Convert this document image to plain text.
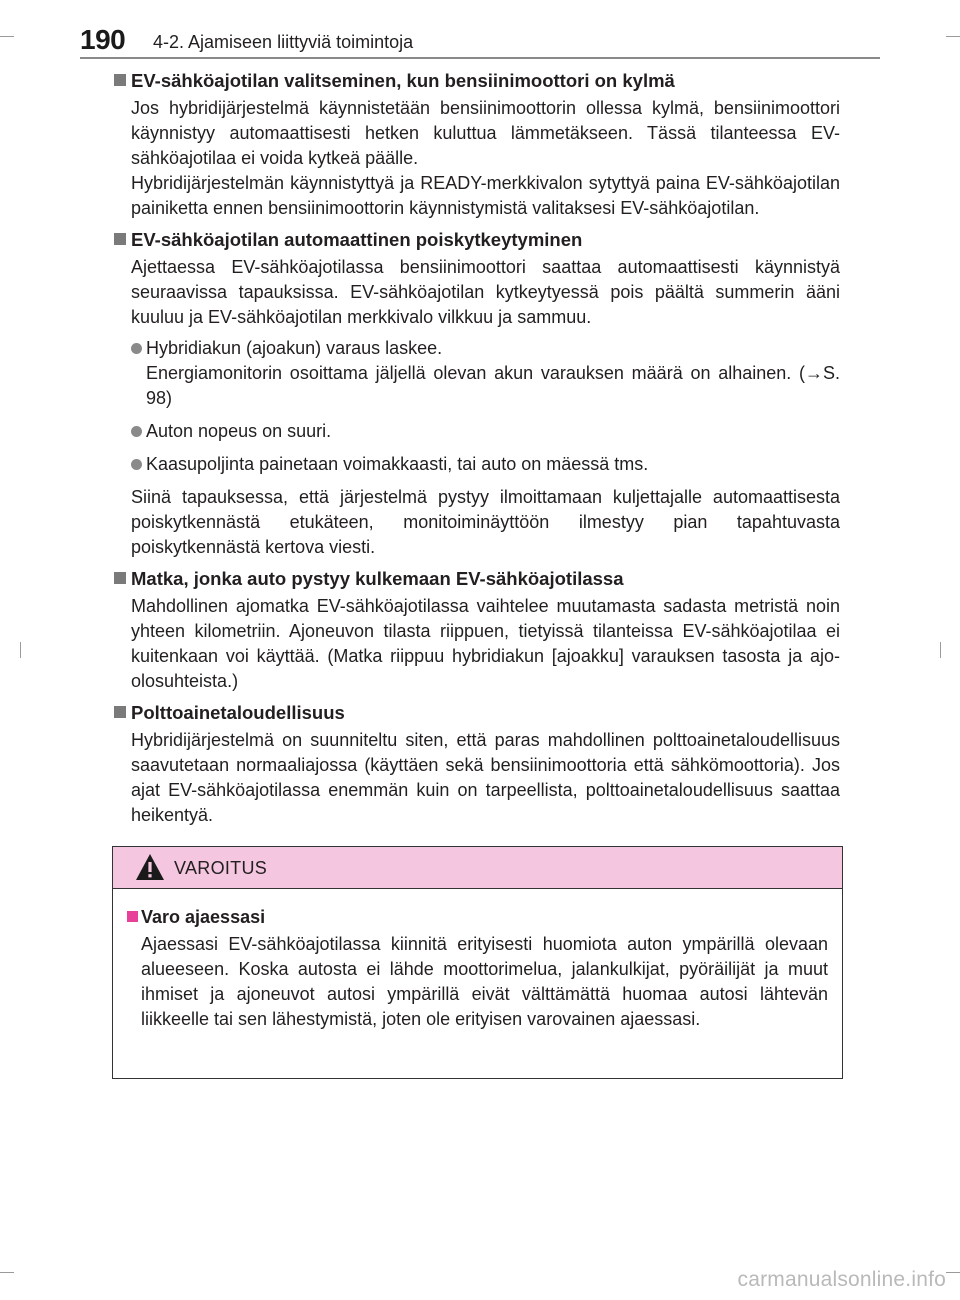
190 4-2. Ajamiseen liittyviä toimintoja
EV-sähköajotilan valitseminen, kun bensiinimoottori on kylmä

Jos hybridijärjestelmä käynnistetään bensiinimoottorin ollessa kylmä, bensiinimoottori käynnistyy automaattisesti hetken kuluttua lämmetäkseen. Tässä tilanteessa EV-sähköajotilaa ei voida kytkeä päälle.

Hybridijärjestelmän käynnistyttyä ja READY-merkkivalon sytyttyä paina EV-sähköajotilan painiketta ennen bensiinimoottorin käynnistymistä valitaksesi EV-sähköajotilan.

EV-sähköajotilan automaattinen poiskytkeytyminen

Ajettaessa EV-sähköajotilassa bensiinimoottori saattaa automaattisesti käynnistyä seuraavissa tapauksissa. EV-sähköajotilan kytkeytyessä pois päältä summerin ääni kuuluu ja EV-sähköajotilan merkkivalo vilkkuu ja sammuu.

Hybridiakun (ajoakun) varaus laskee.
Energiamonitorin osoittama jäljellä olevan akun varauksen määrä on alhainen. (→S. 98)
Auton nopeus on suuri.
Kaasupoljinta painetaan voimakkaasti, tai auto on mäessä tms.

Siinä tapauksessa, että järjestelmä pystyy ilmoittamaan kuljettajalle automaattisesta poiskytkennästä etukäteen, monitoiminäyttöön ilmestyy pian tapahtuvasta poiskytkennästä kertova viesti.

Matka, jonka auto pystyy kulkemaan EV-sähköajotilassa

Mahdollinen ajomatka EV-sähköajotilassa vaihtelee muutamasta sadasta metristä noin yhteen kilometriin. Ajoneuvon tilasta riippuen, tietyissä tilanteissa EV-sähköajotilaa ei kuitenkaan voi käyttää. (Matka riippuu hybridiakun [ajoakku] varauksen tasosta ja ajo-olosuhteista.)

Polttoainetaloudellisuus

Hybridijärjestelmä on suunniteltu siten, että paras mahdollinen polttoainetaloudellisuus saavutetaan normaaliajossa (käyttäen sekä bensiinimoottoria että sähkömoottoria). Jos ajat EV-sähköajotilassa enemmän kuin on tarpeellista, polttoainetaloudellisuus saattaa heikentyä.

VAROITUS
Varo ajaessasi

Ajaessasi EV-sähköajotilassa kiinnitä erityisesti huomiota auton ympärillä olevaan alueeseen. Koska autosta ei lähde moottorimelua, jalankulkijat, pyöräilijät ja muut ihmiset ja ajoneuvot autosi ympärillä eivät välttämättä huomaa autosi lähtevän liikkeelle tai sen lähestymistä, joten ole erityisen varovainen ajaessasi.

carmanualsonline.info
